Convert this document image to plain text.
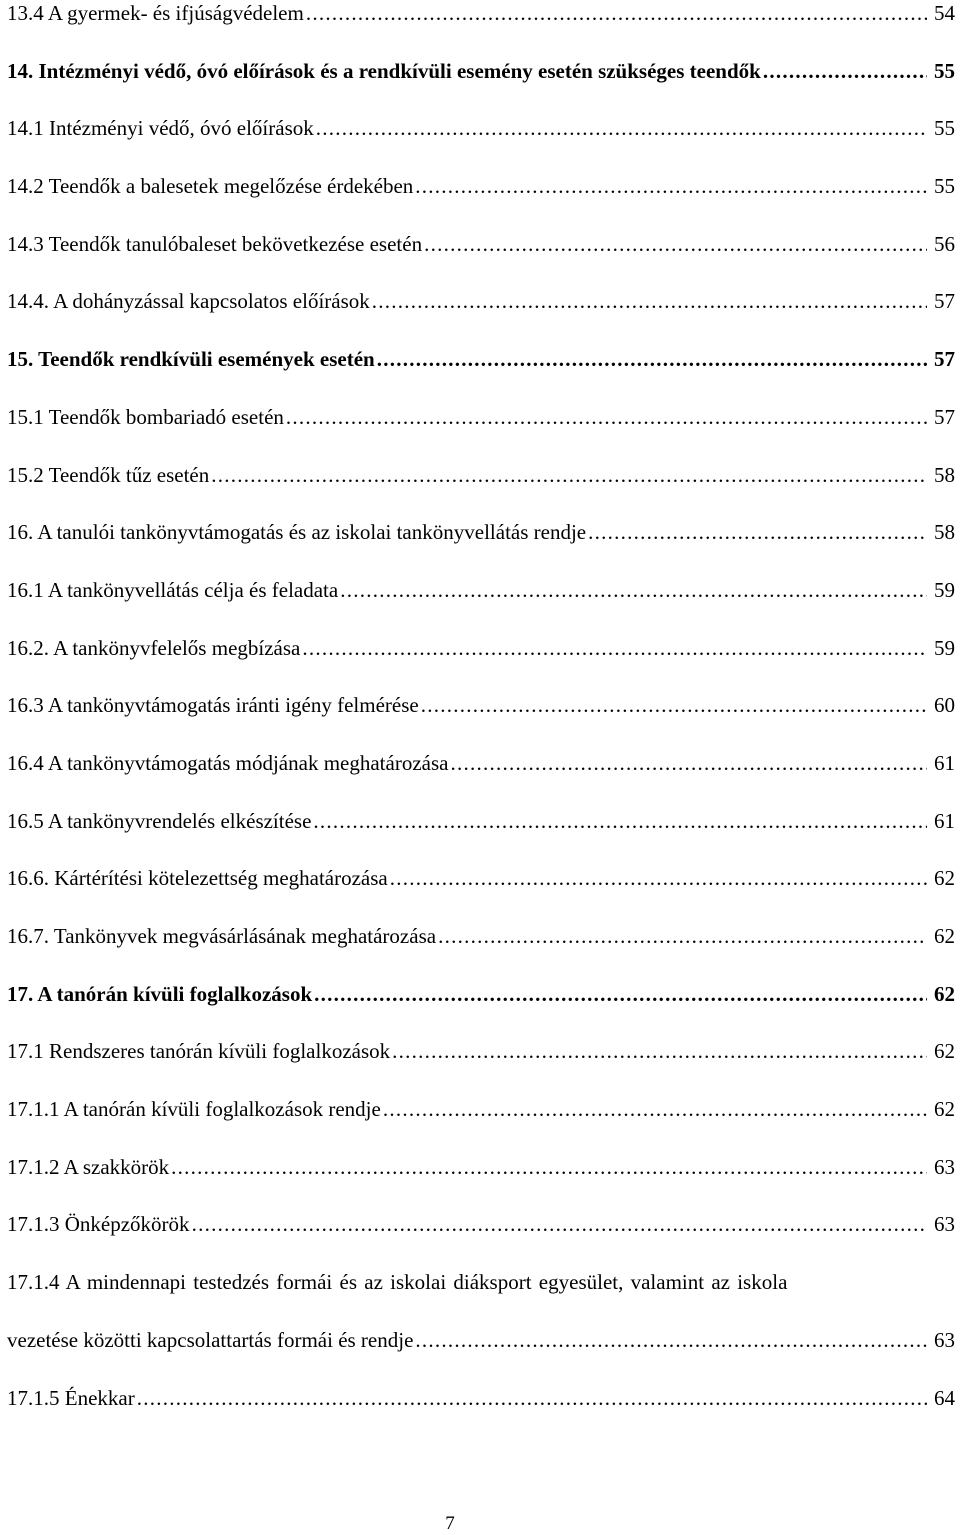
13.4 A gyermek- és ifjúságvédelem . . .	54
14. Intézményi védő, óvó előírások és a rendkívüli esemény esetén szükséges teendők . . .	55
14.1 Intézményi védő, óvó előírások . . .	55
14.2 Teendők a balesetek megelőzése érdekében . . .	55
14.3 Teendők tanulóbaleset bekövetkezése esetén . . .	56
14.4. A dohányzással kapcsolatos előírások . . .	57
15. Teendők rendkívüli események esetén . . .	57
15.1 Teendők bombariadó esetén . . .	57
15.2 Teendők tűz esetén . . .	58
16. A tanulói tankönyvtámogatás és az iskolai tankönyvellátás rendje . . .	58
16.1 A tankönyvellátás célja és feladata . . .	59
16.2. A tankönyvfelelős megbízása . . .	59
16.3 A tankönyvtámogatás iránti igény felmérése . . .	60
16.4 A tankönyvtámogatás módjának meghatározása . . .	61
16.5 A tankönyvrendelés elkészítése . . .	61
16.6. Kártérítési kötelezettség meghatározása . . .	62
16.7. Tankönyvek megvásárlásának meghatározása . . .	62
17. A tanórán kívüli foglalkozások . . .	62
17.1 Rendszeres tanórán kívüli foglalkozások . . .	62
17.1.1 A tanórán kívüli foglalkozások rendje . . .	62
17.1.2 A szakkörök . . .	63
17.1.3 Önképzőkörök . . .	63
17.1.4 A mindennapi testedzés formái és az iskolai diáksport egyesület, valamint az iskola
vezetése közötti kapcsolattartás formái és rendje . . .	63
17.1.5 Énekkar . . .	64
7
